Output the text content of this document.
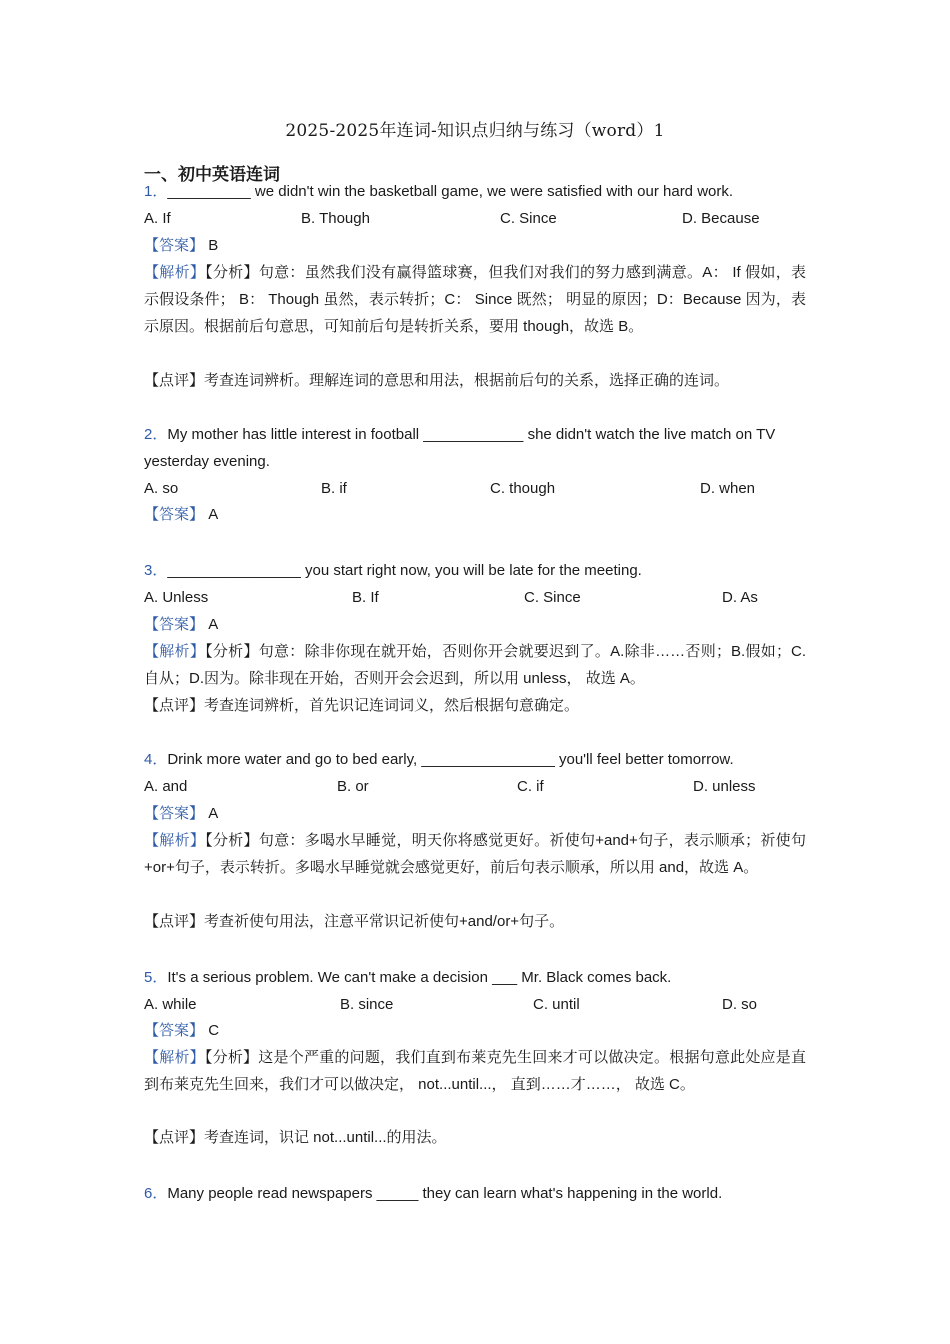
2025-2025年连词-知识点归纳与练习（word）1
一、初中英语连词
1．__________ we didn't win the basketball game, we were satisfied with our hard work.
A. If	B. Though	C. Since	D. Because
【答案】 B
【解析】【分析】句意：虽然我们没有赢得篮球赛，但我们对我们的努力感到满意。A： If 假如，表示假设条件； B： Though 虽然，表示转折；C： Since 既然； 明显的原因；D：Because 因为，表示原因。根据前后句意思，可知前后句是转折关系，要用 though，故选 B。
【点评】考查连词辨析。理解连词的意思和用法，根据前后句的关系，选择正确的连词。
2．My mother has little interest in football ____________ she didn't watch the live match on TV
yesterday evening.
A. so	B. if	C. though	D. when
【答案】 A
3．________________ you start right now, you will be late for the meeting.
A. Unless	B. If	C. Since	D. As
【答案】 A
【解析】【分析】句意：除非你现在就开始，否则你开会就要迟到了。A.除非……否则；B.假如；C.自从；D.因为。除非现在开始，否则开会会迟到，所以用 unless， 故选 A。
【点评】考查连词辨析，首先识记连词词义，然后根据句意确定。
4．Drink more water and go to bed early, ________________ you'll feel better tomorrow.
A. and	B. or	C. if	D. unless
【答案】 A
【解析】【分析】句意：多喝水早睡觉，明天你将感觉更好。祈使句+and+句子，表示顺承；祈使句+or+句子，表示转折。多喝水早睡觉就会感觉更好，前后句表示顺承，所以用 and，故选 A。
【点评】考查祈使句用法，注意平常识记祈使句+and/or+句子。
5．It's a serious problem. We can't make a decision ___ Mr. Black comes back.
A. while	B. since	C. until	D. so
【答案】 C
【解析】【分析】这是个严重的问题，我们直到布莱克先生回来才可以做决定。根据句意此处应是直到布莱克先生回来，我们才可以做决定， not...until...， 直到……才……， 故选 C。
【点评】考查连词，识记 not...until...的用法。
6．Many people read newspapers _____ they can learn what's happening in the world.
